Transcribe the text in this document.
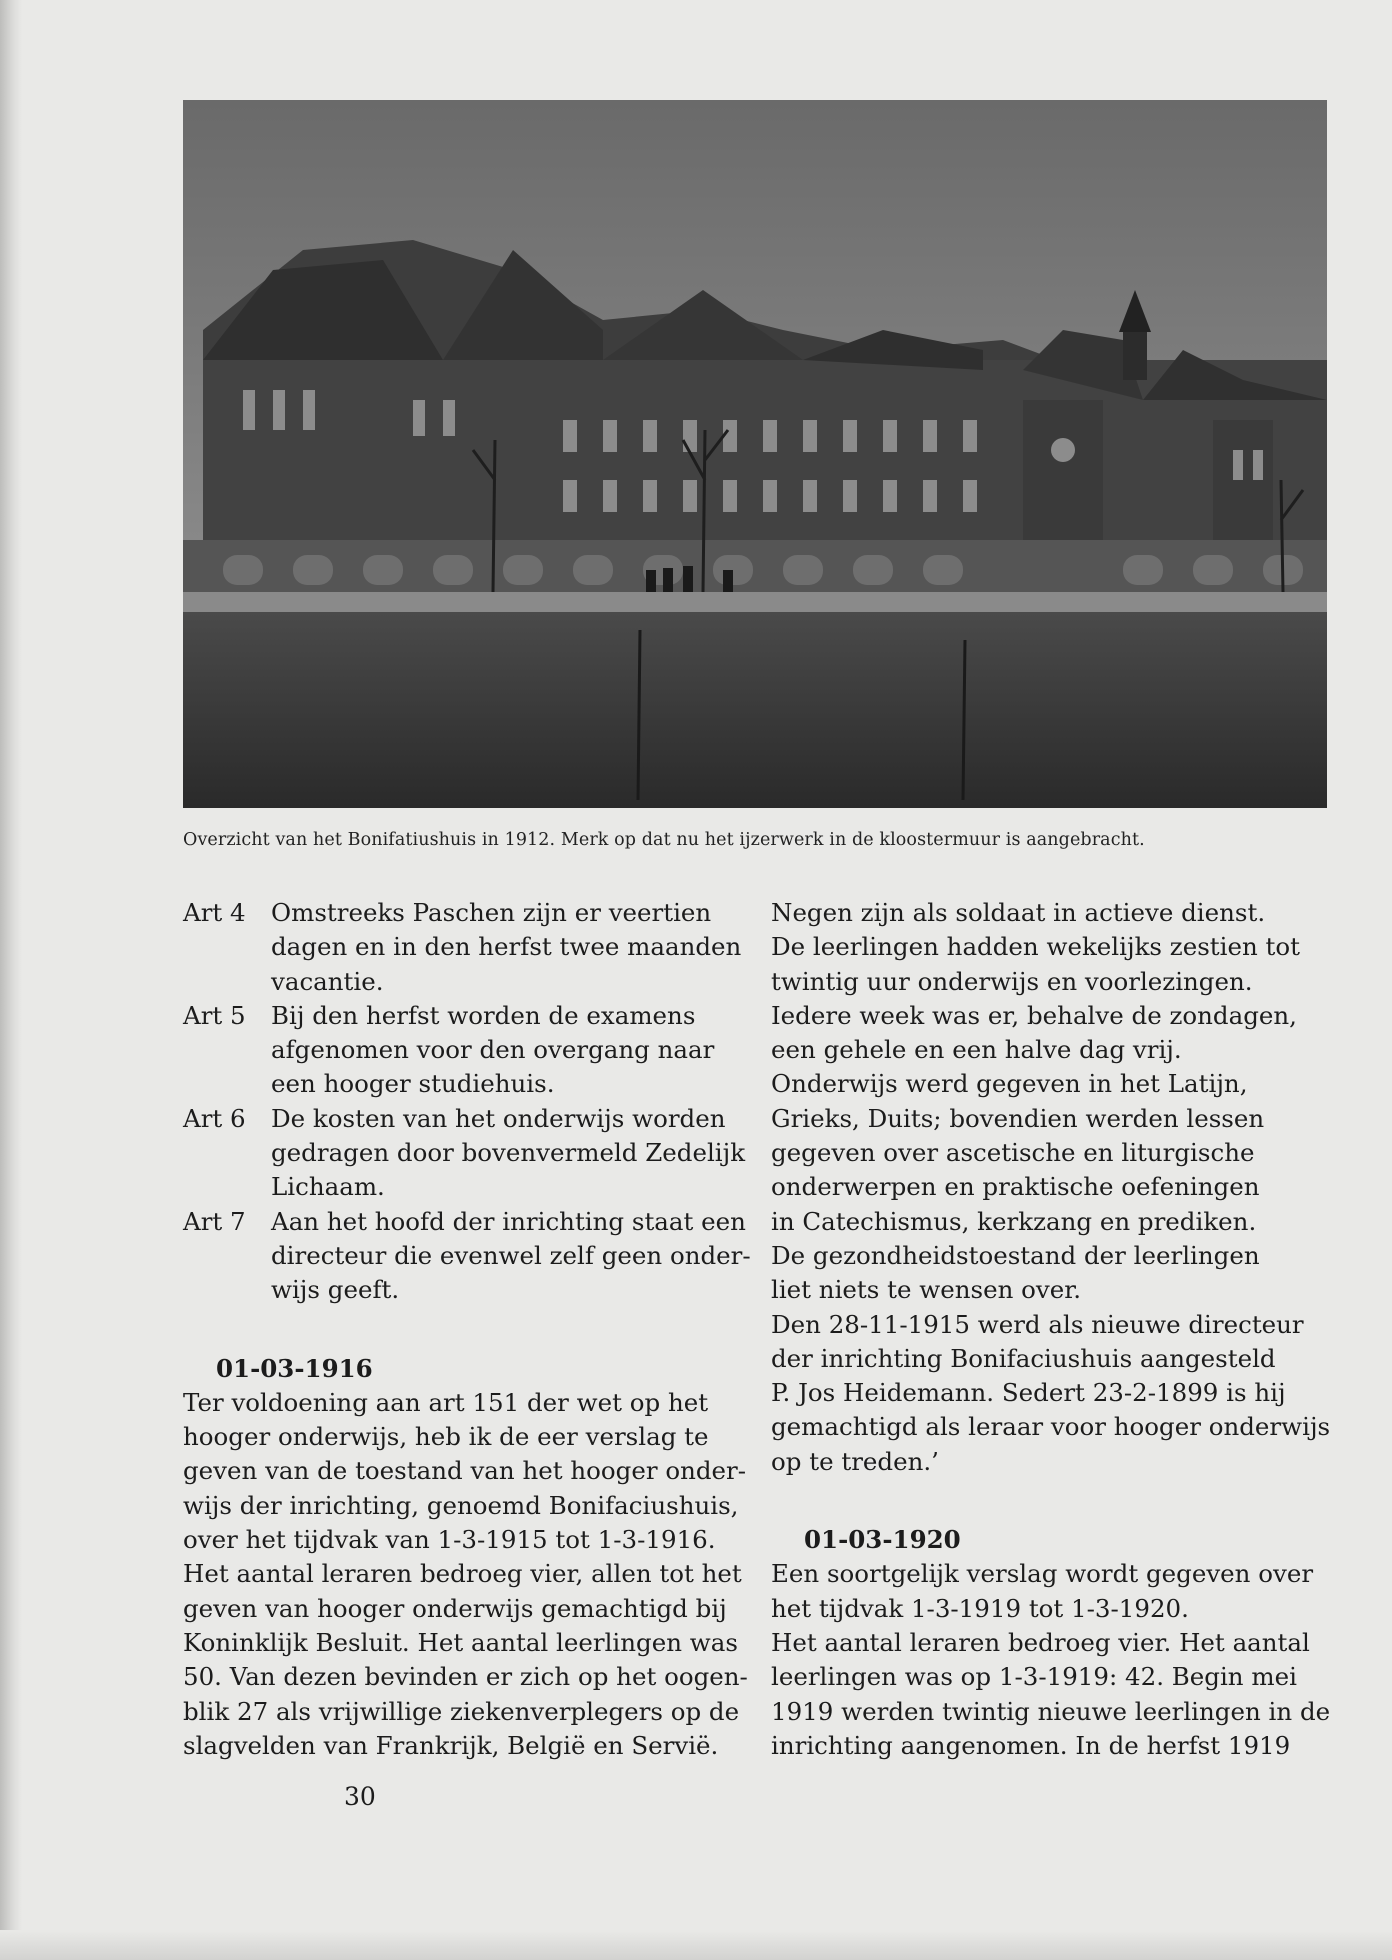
Overzicht van het Bonifatiushuis in 1912. Merk op dat nu het ijzerwerk in de kloostermuur is aangebracht.
Art 4	Omstreeks Paschen zijn er veertien
dagen en in den herfst twee maanden
vacantie.
Art 5	Bij den herfst worden de examens
afgenomen voor den overgang naar
een hooger studiehuis.
Art 6	De kosten van het onderwijs worden
gedragen door bovenvermeld Zedelijk
Lichaam.
Art 7	Aan het hoofd der inrichting staat een
directeur die evenwel zelf geen onder-
wijs geeft.
01-03-1916
Ter voldoening aan art 151 der wet op het
hooger onderwijs, heb ik de eer verslag te
geven van de toestand van het hooger onder-
wijs der inrichting, genoemd Bonifaciushuis,
over het tijdvak van 1-3-1915 tot 1-3-1916.
Het aantal leraren bedroeg vier, allen tot het
geven van hooger onderwijs gemachtigd bij
Koninklijk Besluit. Het aantal leerlingen was
50. Van dezen bevinden er zich op het oogen-
blik 27 als vrijwillige ziekenverplegers op de
slagvelden van Frankrijk, België en Servië.
Negen zijn als soldaat in actieve dienst.
De leerlingen hadden wekelijks zestien tot
twintig uur onderwijs en voorlezingen.
Iedere week was er, behalve de zondagen,
een gehele en een halve dag vrij.
Onderwijs werd gegeven in het Latijn,
Grieks, Duits; bovendien werden lessen
gegeven over ascetische en liturgische
onderwerpen en praktische oefeningen
in Catechismus, kerkzang en prediken.
De gezondheidstoestand der leerlingen
liet niets te wensen over.
Den 28-11-1915 werd als nieuwe directeur
der inrichting Bonifaciushuis aangesteld
P. Jos Heidemann. Sedert 23-2-1899 is hij
gemachtigd als leraar voor hooger onderwijs
op te treden.’
01-03-1920
Een soortgelijk verslag wordt gegeven over
het tijdvak 1-3-1919 tot 1-3-1920.
Het aantal leraren bedroeg vier. Het aantal
leerlingen was op 1-3-1919: 42. Begin mei
1919 werden twintig nieuwe leerlingen in de
inrichting aangenomen. In de herfst 1919
30
